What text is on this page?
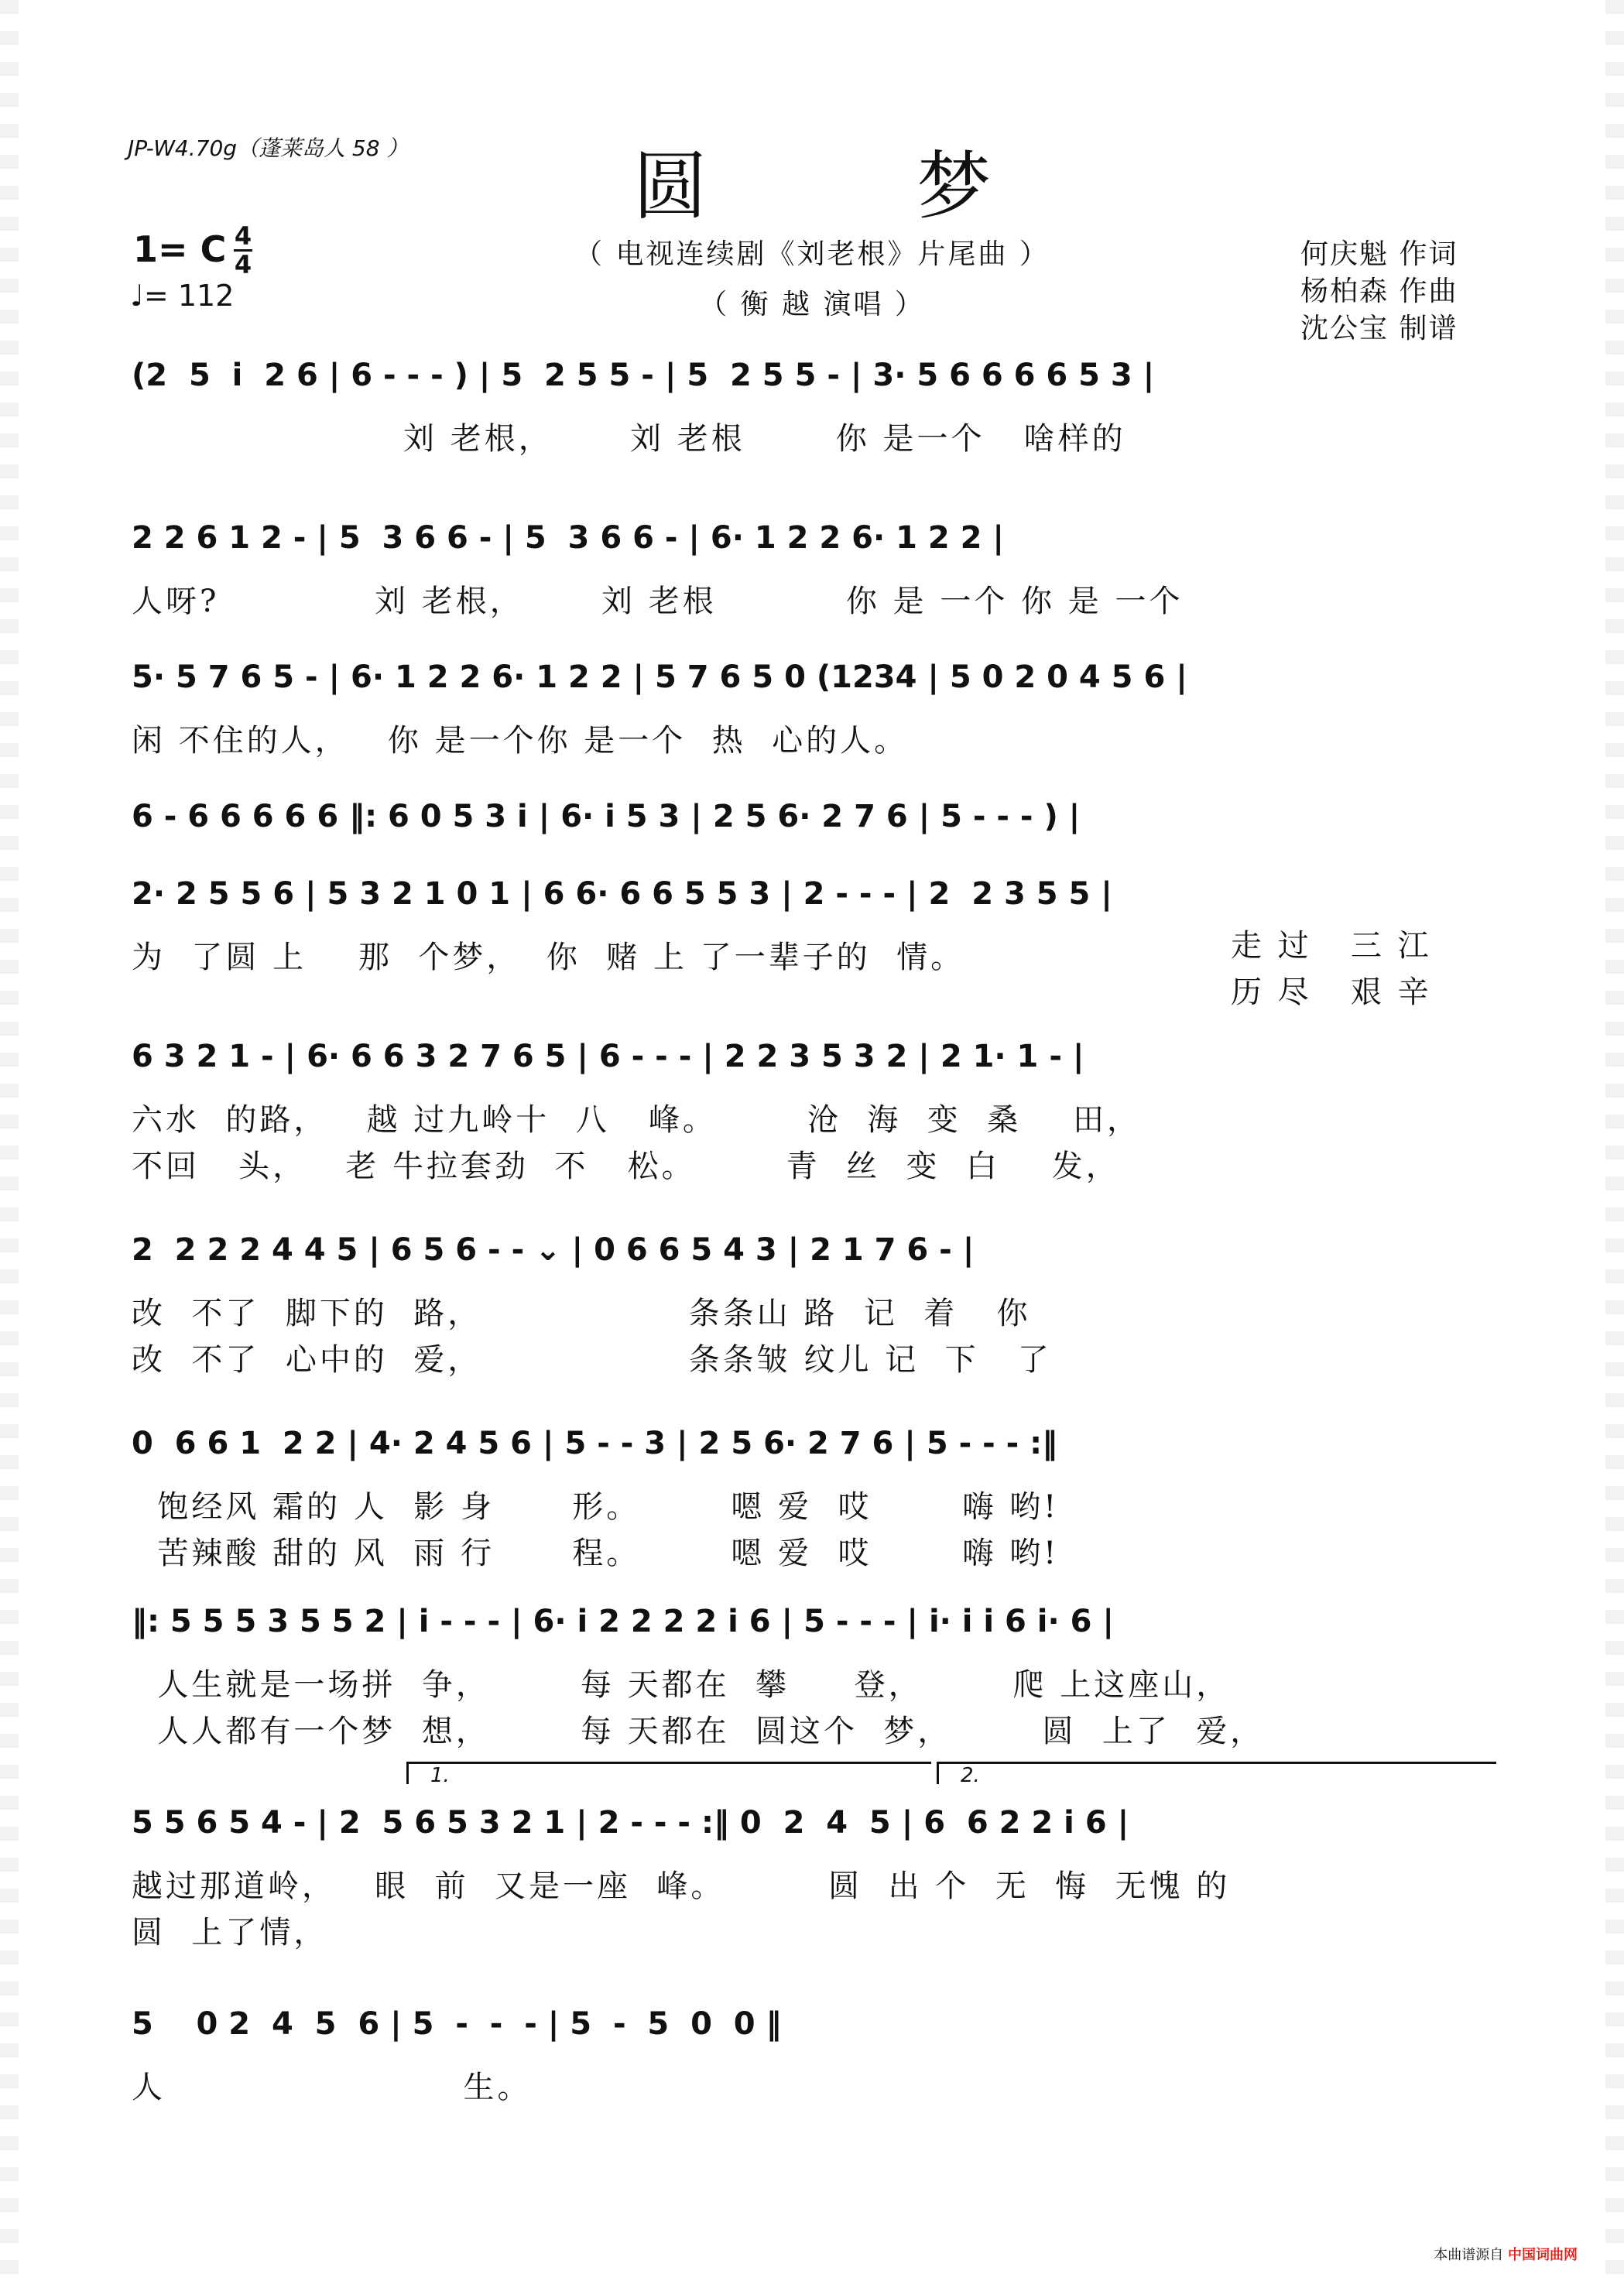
JP-W4.70g（蓬莱岛人 58 ）	圆 梦
1= C 4
4
♩= 112
（ 电视连续剧《刘老根》片尾曲 ）
（ 衡 越 演唱 ）
何庆魁 作词
杨柏森 作曲
沈公宝 制谱
(2  5  i  2 6 | 6 - - - ) | 5  2 5 5 - | 5  2 5 5 - | 3· 5 6 6 6 6 5 3 |
刘 老根，      刘 老根       你 是一个   啥样的
2 2 6 1 2 - | 5  3 6 6 - | 5  3 6 6 - | 6· 1 2 2 6· 1 2 2 |
人呀?            刘 老根，      刘 老根          你 是 一个 你 是 一个
5· 5 7 6 5 - | 6· 1 2 2 6· 1 2 2 | 5 7 6 5 0 (1234 | 5 0 2 0 4 5 6 |
闲 不住的人，   你 是一个你 是一个  热  心的人。
6 - 6 6 6 6 6 ‖: 6 0 5 3 i | 6· i 5 3 | 2 5 6· 2 7 6 | 5 - - - ) |
2· 2 5 5 6 | 5 3 2 1 0 1 | 6 6· 6 6 5 5 3 | 2 - - - | 2  2 3 5 5 |
为  了圆 上    那  个梦，  你  赌 上 了一辈子的  情。	走 过   三 江
历 尽   艰 辛
6 3 2 1 - | 6· 6 6 3 2 7 6 5 | 6 - - - | 2 2 3 5 3 2 | 2 1· 1 - |
六水  的路，   越 过九岭十  八   峰。       沧  海  变  桑    田，
不回   头，   老 牛拉套劲  不   松。       青  丝  变  白    发，
2  2 2 2 4 4 5 | 6 5 6 - - ⌄ | 0 6 6 5 4 3 | 2 1 7 6 - |
改  不了  脚下的  路，                条条山 路  记  着   你
改  不了  心中的  爱，                条条皱 纹儿 记  下   了
0  6 6 1  2 2 | 4· 2 4 5 6 | 5 - - 3 | 2 5 6· 2 7 6 | 5 - - - :‖
饱经风 霜的 人  影 身      形。       嗯 爱  哎       嗨 哟!
苦辣酸 甜的 风  雨 行      程。       嗯 爱  哎       嗨 哟!
‖: 5 5 5 3 5 5 2 | i - - - | 6· i 2 2 2 2 i 6 | 5 - - - | i· i i 6 i· 6 |
人生就是一场拼  争，       每 天都在  攀     登，       爬 上这座山，
人人都有一个梦  想，       每 天都在  圆这个  梦，       圆  上了  爱，
5 5 6 5 4 - | 2  5 6 5 3 2 1 | 2 - - - :‖ 0  2  4  5 | 6  6 2 2 i 6 |
越过那道岭，   眼  前  又是一座  峰。        圆  出 个  无  悔  无愧 的
圆  上了情，
5    0 2  4  5  6 | 5  -  -  - | 5  -  5  0  0 ‖
人                       生。
1.	2.
本曲谱源自 中国词曲网
